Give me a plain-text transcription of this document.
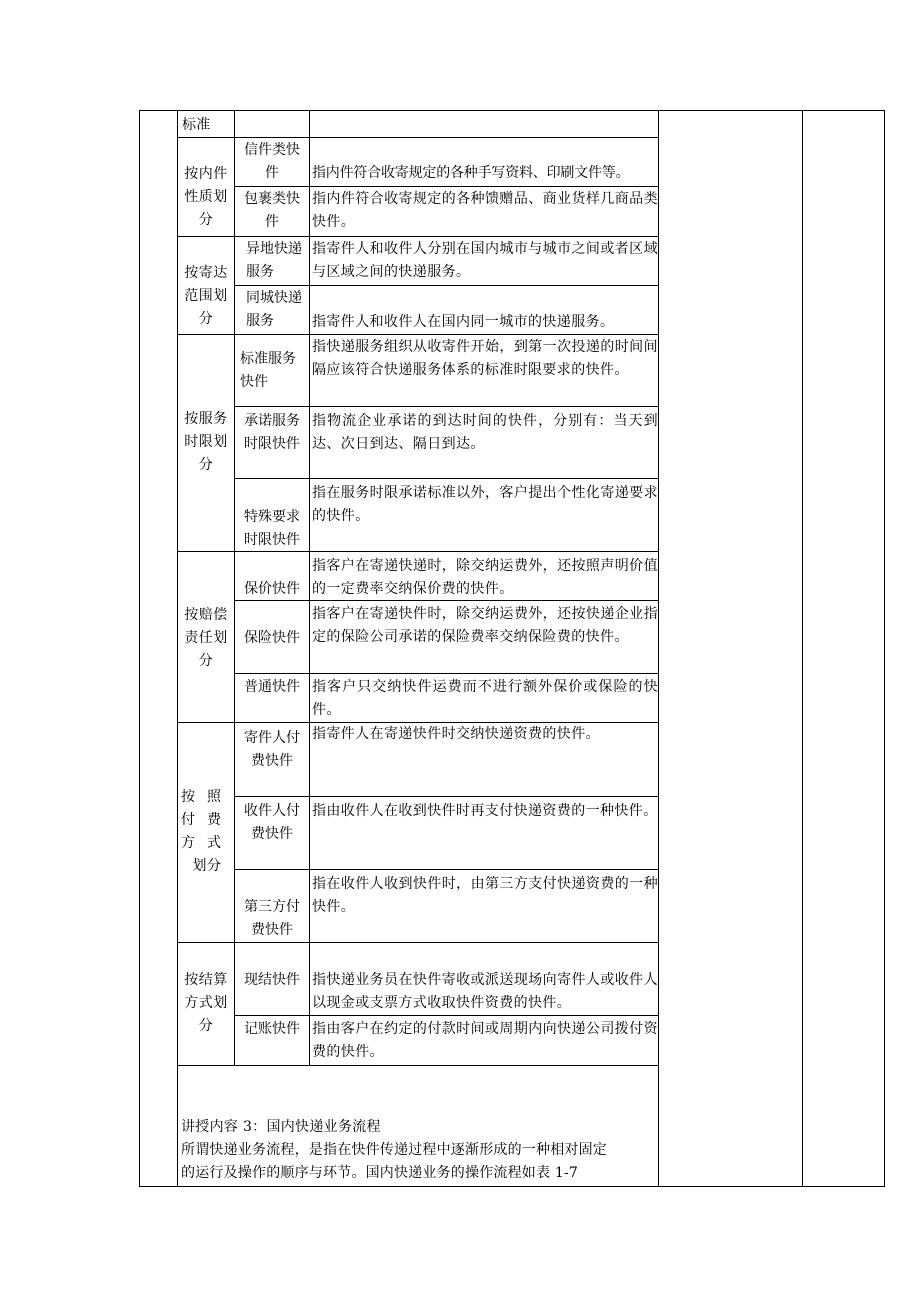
标准
按内件
性质划
分
信件类快
件	指内件符合收寄规定的各种手写资料、印刷文件等。
包裹类快
件
指内件符合收寄规定的各种馈赠品、商业货样几商品类快件。
按寄达
范围划
分
异地快递
服务
指寄件人和收件人分别在国内城市与城市之间或者区域与区域之间的快递服务。
同城快递
服务	指寄件人和收件人在国内同一城市的快递服务。
按服务
时限划
分
标准服务
快件
指快递服务组织从收寄件开始，到第一次投递的时间间隔应该符合快递服务体系的标准时限要求的快件。
承诺服务
时限快件
指物流企业承诺的到达时间的快件，分别有：当天到达、次日到达、隔日到达。
特殊要求
时限快件
指在服务时限承诺标准以外，客户提出个性化寄递要求的快件。
按赔偿
责任划
分
保价快件
指客户在寄递快递时，除交纳运费外，还按照声明价值的一定费率交纳保价费的快件。
保险快件
指客户在寄递快件时，除交纳运费外，还按快递企业指定的保险公司承诺的保险费率交纳保险费的快件。
普通快件 指客户只交纳快件运费而不进行额外保价或保险的快件。
按照
付费
方式
划分
寄件人付
费快件
指寄件人在寄递快件时交纳快递资费的快件。
收件人付
费快件
指由收件人在收到快件时再支付快递资费的一种快件。
第三方付
费快件
指在收件人收到快件时，由第三方支付快递资费的一种快件。
按结算
方式划
分
现结快件 指快递业务员在快件寄收或派送现场向寄件人或收件人以现金或支票方式收取快件资费的快件。
记账快件 指由客户在约定的付款时间或周期内向快递公司拨付资费的快件。
讲授内容 3：国内快递业务流程
所谓快递业务流程，是指在快件传递过程中逐渐形成的一种相对固定
的运行及操作的顺序与环节。国内快递业务的操作流程如表 1-7
